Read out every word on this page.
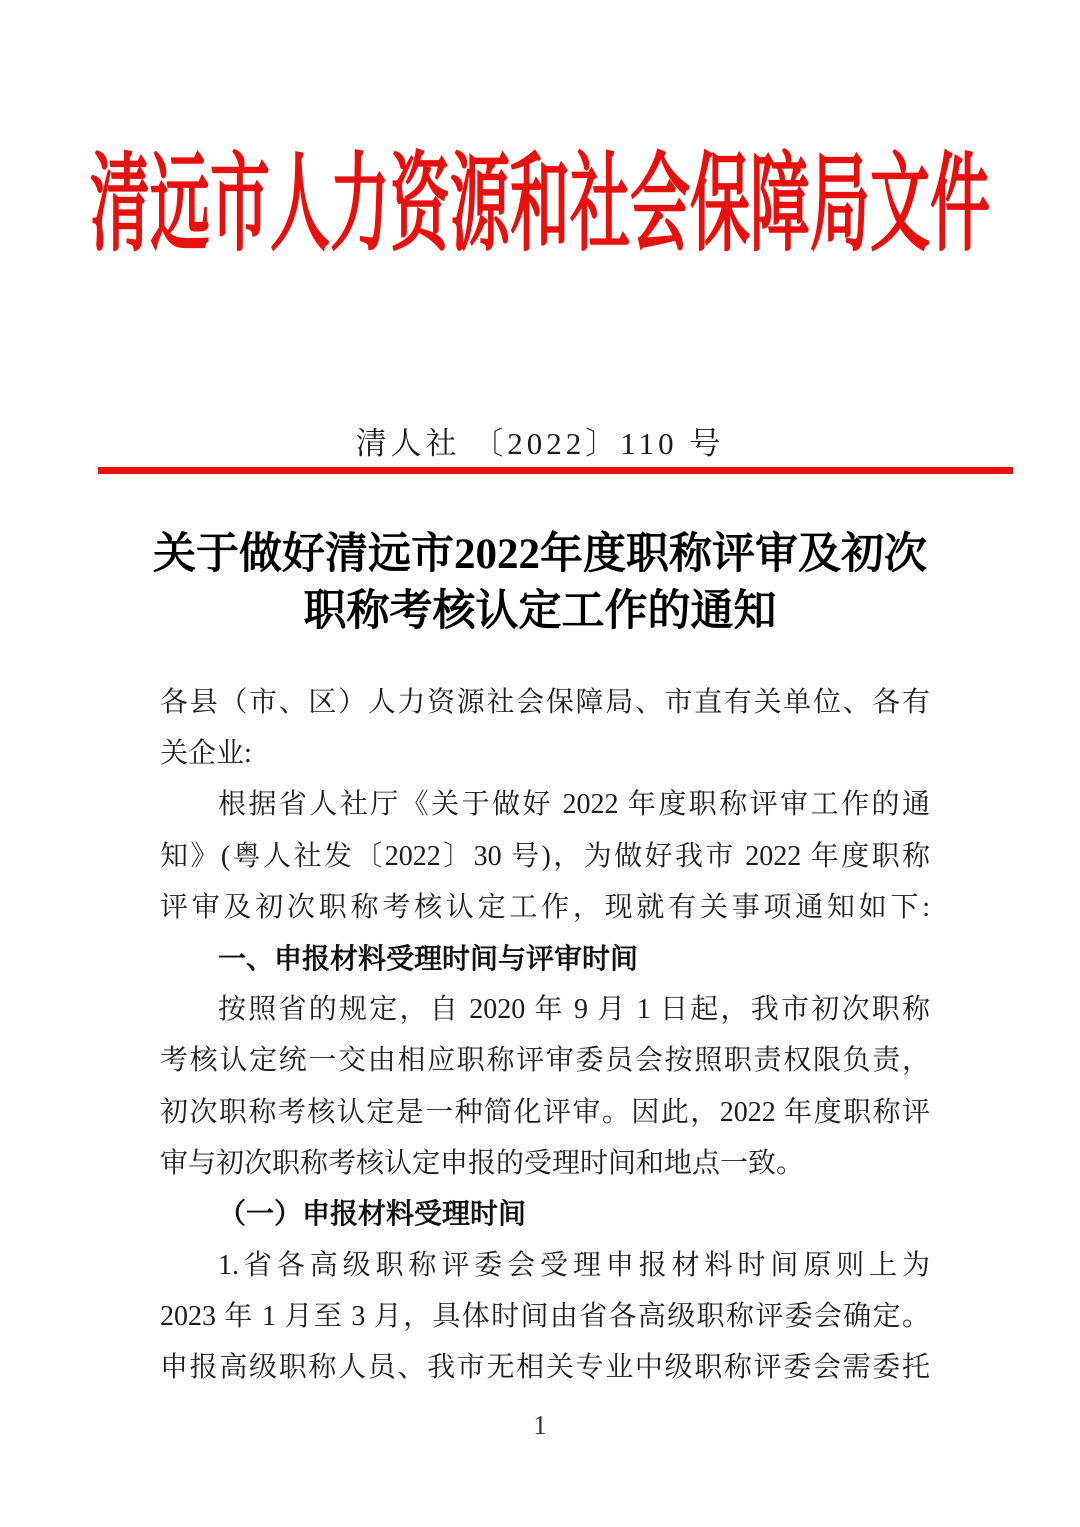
清远市人力资源和社会保障局文件
清人社 〔2022〕110 号
关于做好清远市2022年度职称评审及初次
职称考核认定工作的通知
各县（市、区）人力资源社会保障局、市直有关单位、各有
关企业:
根据省人社厅《关于做好 2022 年度职称评审工作的通
知》(粤人社发〔2022〕30 号)，为做好我市 2022 年度职称
评审及初次职称考核认定工作，现就有关事项通知如下:
一、申报材料受理时间与评审时间
按照省的规定，自 2020 年 9 月 1 日起，我市初次职称
考核认定统一交由相应职称评审委员会按照职责权限负责，
初次职称考核认定是一种简化评审。因此，2022 年度职称评
审与初次职称考核认定申报的受理时间和地点一致。
（一）申报材料受理时间
1.省各高级职称评委会受理申报材料时间原则上为
2023 年 1 月至 3 月，具体时间由省各高级职称评委会确定。
申报高级职称人员、我市无相关专业中级职称评委会需委托
1
